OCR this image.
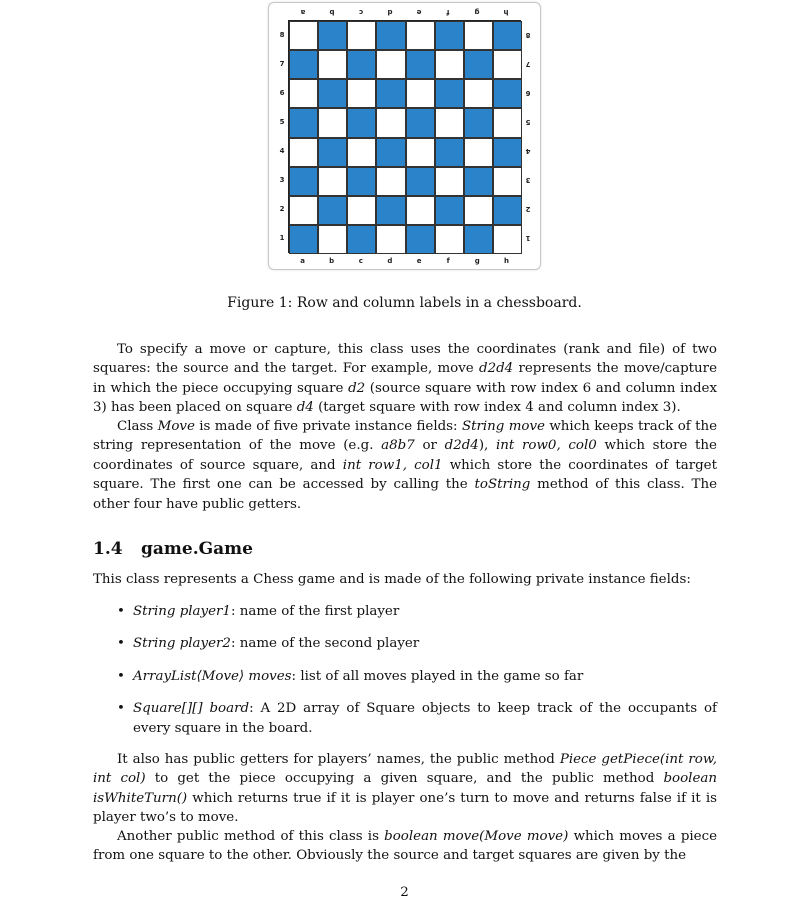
a
a
b
b
c
c
d
d
e
e
f
f
g
g
h
h
8	8
7	7
6	6
5	5
4	4
3	3
2	2
1	1
Figure 1: Row and column labels in a chessboard.

To specify a move or capture, this class uses the coordinates (rank and file) of two squares: the source and the target. For example, move d2d4 represents the move/capture in which the piece occupying square d2 (source square with row index 6 and column index 3) has been placed on square d4 (target square with row index 4 and column index 3).

Class Move is made of five private instance fields: String move which keeps track of the string representation of the move (e.g. a8b7 or d2d4), int row0, col0 which store the coordinates of source square, and int row1, col1 which store the coordinates of target square. The first one can be accessed by calling the toString method of this class. The other four have public getters.

1.4 game.Game

This class represents a Chess game and is made of the following private instance fields:

• String player1: name of the first player
• String player2: name of the second player
• ArrayList⟨Move⟩ moves: list of all moves played in the game so far
• Square[][] board: A 2D array of Square objects to keep track of the occupants of every square in the board.

It also has public getters for players’ names, the public method Piece getPiece(int row, int col) to get the piece occupying a given square, and the public method boolean isWhiteTurn() which returns true if it is player one’s turn to move and returns false if it is player two’s to move.

Another public method of this class is boolean move(Move move) which moves a piece from one square to the other. Obviously the source and target squares are given by the

2
